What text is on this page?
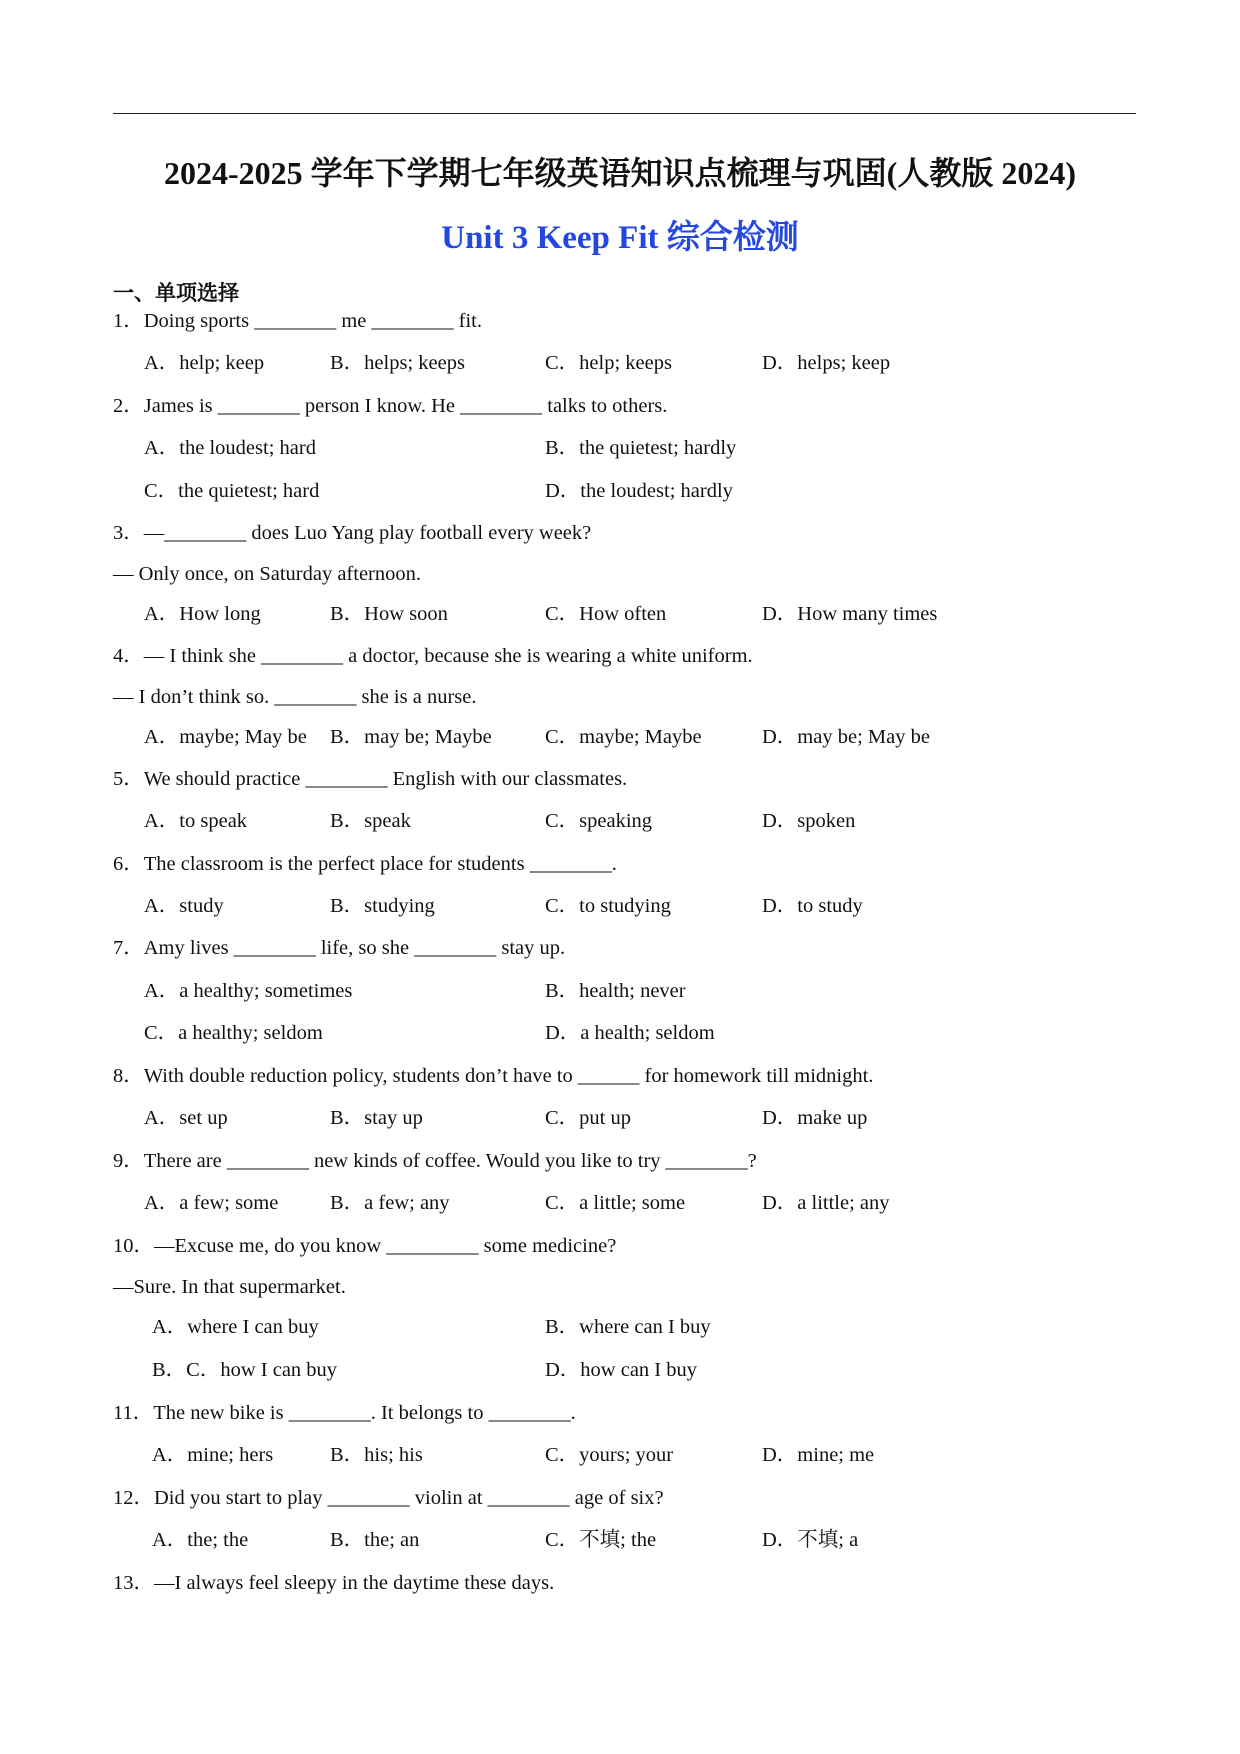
2024-2025 学年下学期七年级英语知识点梳理与巩固(人教版 2024)
Unit 3 Keep Fit 综合检测
一、单项选择
1．Doing sports ________ me ________ fit.
A．help; keep	B．helps; keeps	C．help; keeps	D．helps; keep
2．James is ________ person I know. He ________ talks to others.
A．the loudest; hard	B．the quietest; hardly
C．the quietest; hard	D．the loudest; hardly
3．—________ does Luo Yang play football every week?
— Only once, on Saturday afternoon.
A．How long	B．How soon	C．How often	D．How many times
4．— I think she ________ a doctor, because she is wearing a white uniform.
— I don’t think so. ________ she is a nurse.
A．maybe; May be B．may be; Maybe	C．maybe; Maybe	D．may be; May be
5．We should practice ________ English with our classmates.
A．to speak	B．speak	C．speaking	D．spoken
6．The classroom is the perfect place for students ________.
A．study	B．studying	C．to studying	D．to study
7．Amy lives ________ life, so she ________ stay up.
A．a healthy; sometimes	B．health; never
C．a healthy; seldom	D．a health; seldom
8．With double reduction policy, students don’t have to ______ for homework till midnight.
A．set up	B．stay up	C．put up	D．make up
9．There are ________ new kinds of coffee. Would you like to try ________?
A．a few; some	B．a few; any	C．a little; some	D．a little; any
10．—Excuse me, do you know _________ some medicine?
—Sure. In that supermarket.
A．where I can buy	B．where can I buy
B．C．how I can buy	D．how can I buy
11．The new bike is ________. It belongs to ________.
A．mine; hers	B．his; his	C．yours; your	D．mine; me
12．Did you start to play ________ violin at ________ age of six?
A．the; the	B．the; an	C．不填; the	D．不填; a
13．—I always feel sleepy in the daytime these days.
